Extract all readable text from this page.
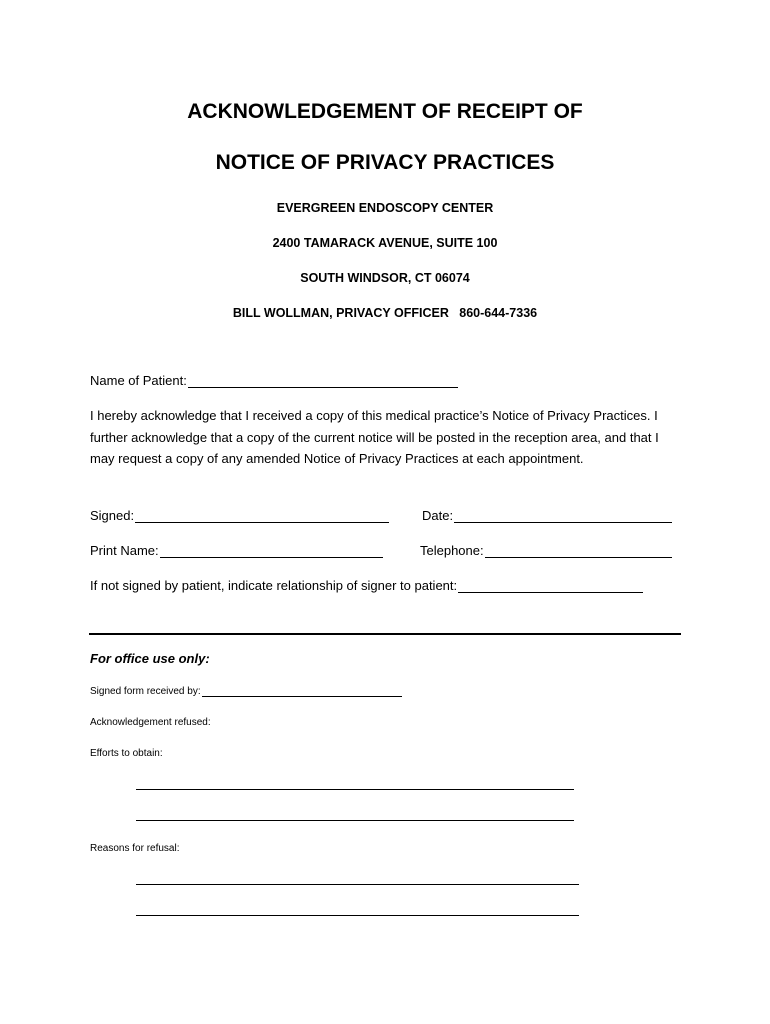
ACKNOWLEDGEMENT OF RECEIPT OF
NOTICE OF PRIVACY PRACTICES
EVERGREEN ENDOSCOPY CENTER
2400 TAMARACK AVENUE, SUITE 100
SOUTH WINDSOR, CT 06074
BILL WOLLMAN, PRIVACY OFFICER   860-644-7336
Name of Patient:
I hereby acknowledge that I received a copy of this medical practice’s Notice of Privacy Practices. I further acknowledge that a copy of the current notice will be posted in the reception area, and that I may request a copy of any amended Notice of Privacy Practices at each appointment.
Signed:	Date:
Print Name:	Telephone:
If not signed by patient, indicate relationship of signer to patient:
For office use only:
Signed form received by:
Acknowledgement refused:
Efforts to obtain:
Reasons for refusal:
